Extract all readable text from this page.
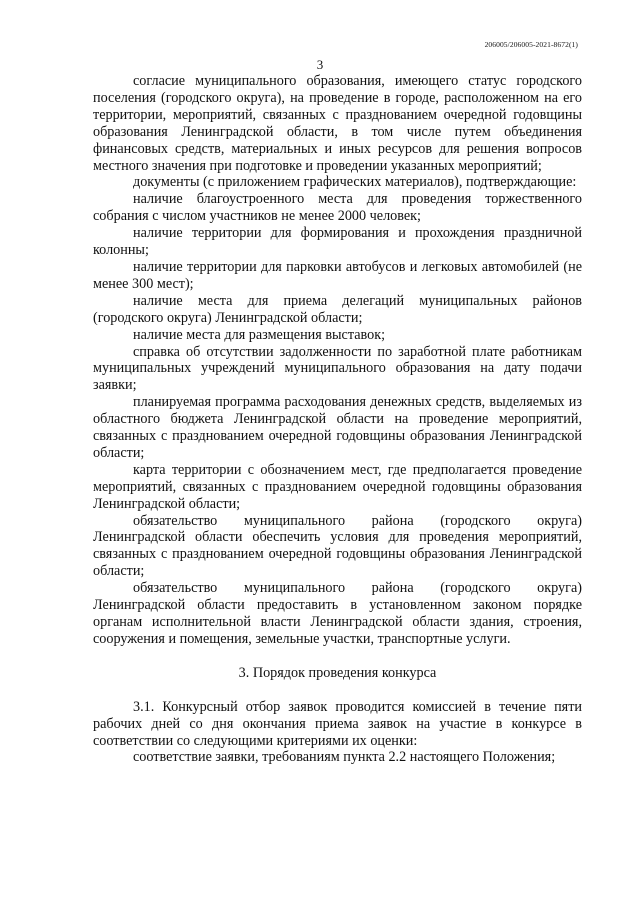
206005/206005-2021-8672(1)
3

согласие муниципального образования, имеющего статус городского поселения (городского округа), на проведение в городе, расположенном на его территории, мероприятий, связанных с празднованием очередной годовщины образования Ленинградской области, в том числе путем объединения финансовых средств, материальных и иных ресурсов для решения вопросов местного значения при подготовке и проведении указанных мероприятий;

документы (с приложением графических материалов), подтверждающие:

наличие благоустроенного места для проведения торжественного собрания с числом участников не менее 2000 человек;

наличие территории для формирования и прохождения праздничной колонны;

наличие территории для парковки автобусов и легковых автомобилей (не менее 300 мест);

наличие места для приема делегаций муниципальных районов (городского округа) Ленинградской области;

наличие места для размещения выставок;

справка об отсутствии задолженности по заработной плате работникам муниципальных учреждений муниципального образования на дату подачи заявки;

планируемая программа расходования денежных средств, выделяемых из областного бюджета Ленинградской области на проведение мероприятий, связанных с празднованием очередной годовщины образования Ленинградской области;

карта территории с обозначением мест, где предполагается проведение мероприятий, связанных с празднованием очередной годовщины образования Ленинградской области;

обязательство муниципального района (городского округа) Ленинградской области обеспечить условия для проведения мероприятий, связанных с празднованием очередной годовщины образования Ленинградской области;

обязательство муниципального района (городского округа) Ленинградской области предоставить в установленном законом порядке органам исполнительной власти Ленинградской области здания, строения, сооружения и помещения, земельные участки, транспортные услуги.

3. Порядок проведения конкурса

3.1. Конкурсный отбор заявок проводится комиссией в течение пяти рабочих дней со дня окончания приема заявок на участие в конкурсе в соответствии со следующими критериями их оценки:

соответствие заявки, требованиям пункта 2.2 настоящего Положения;
